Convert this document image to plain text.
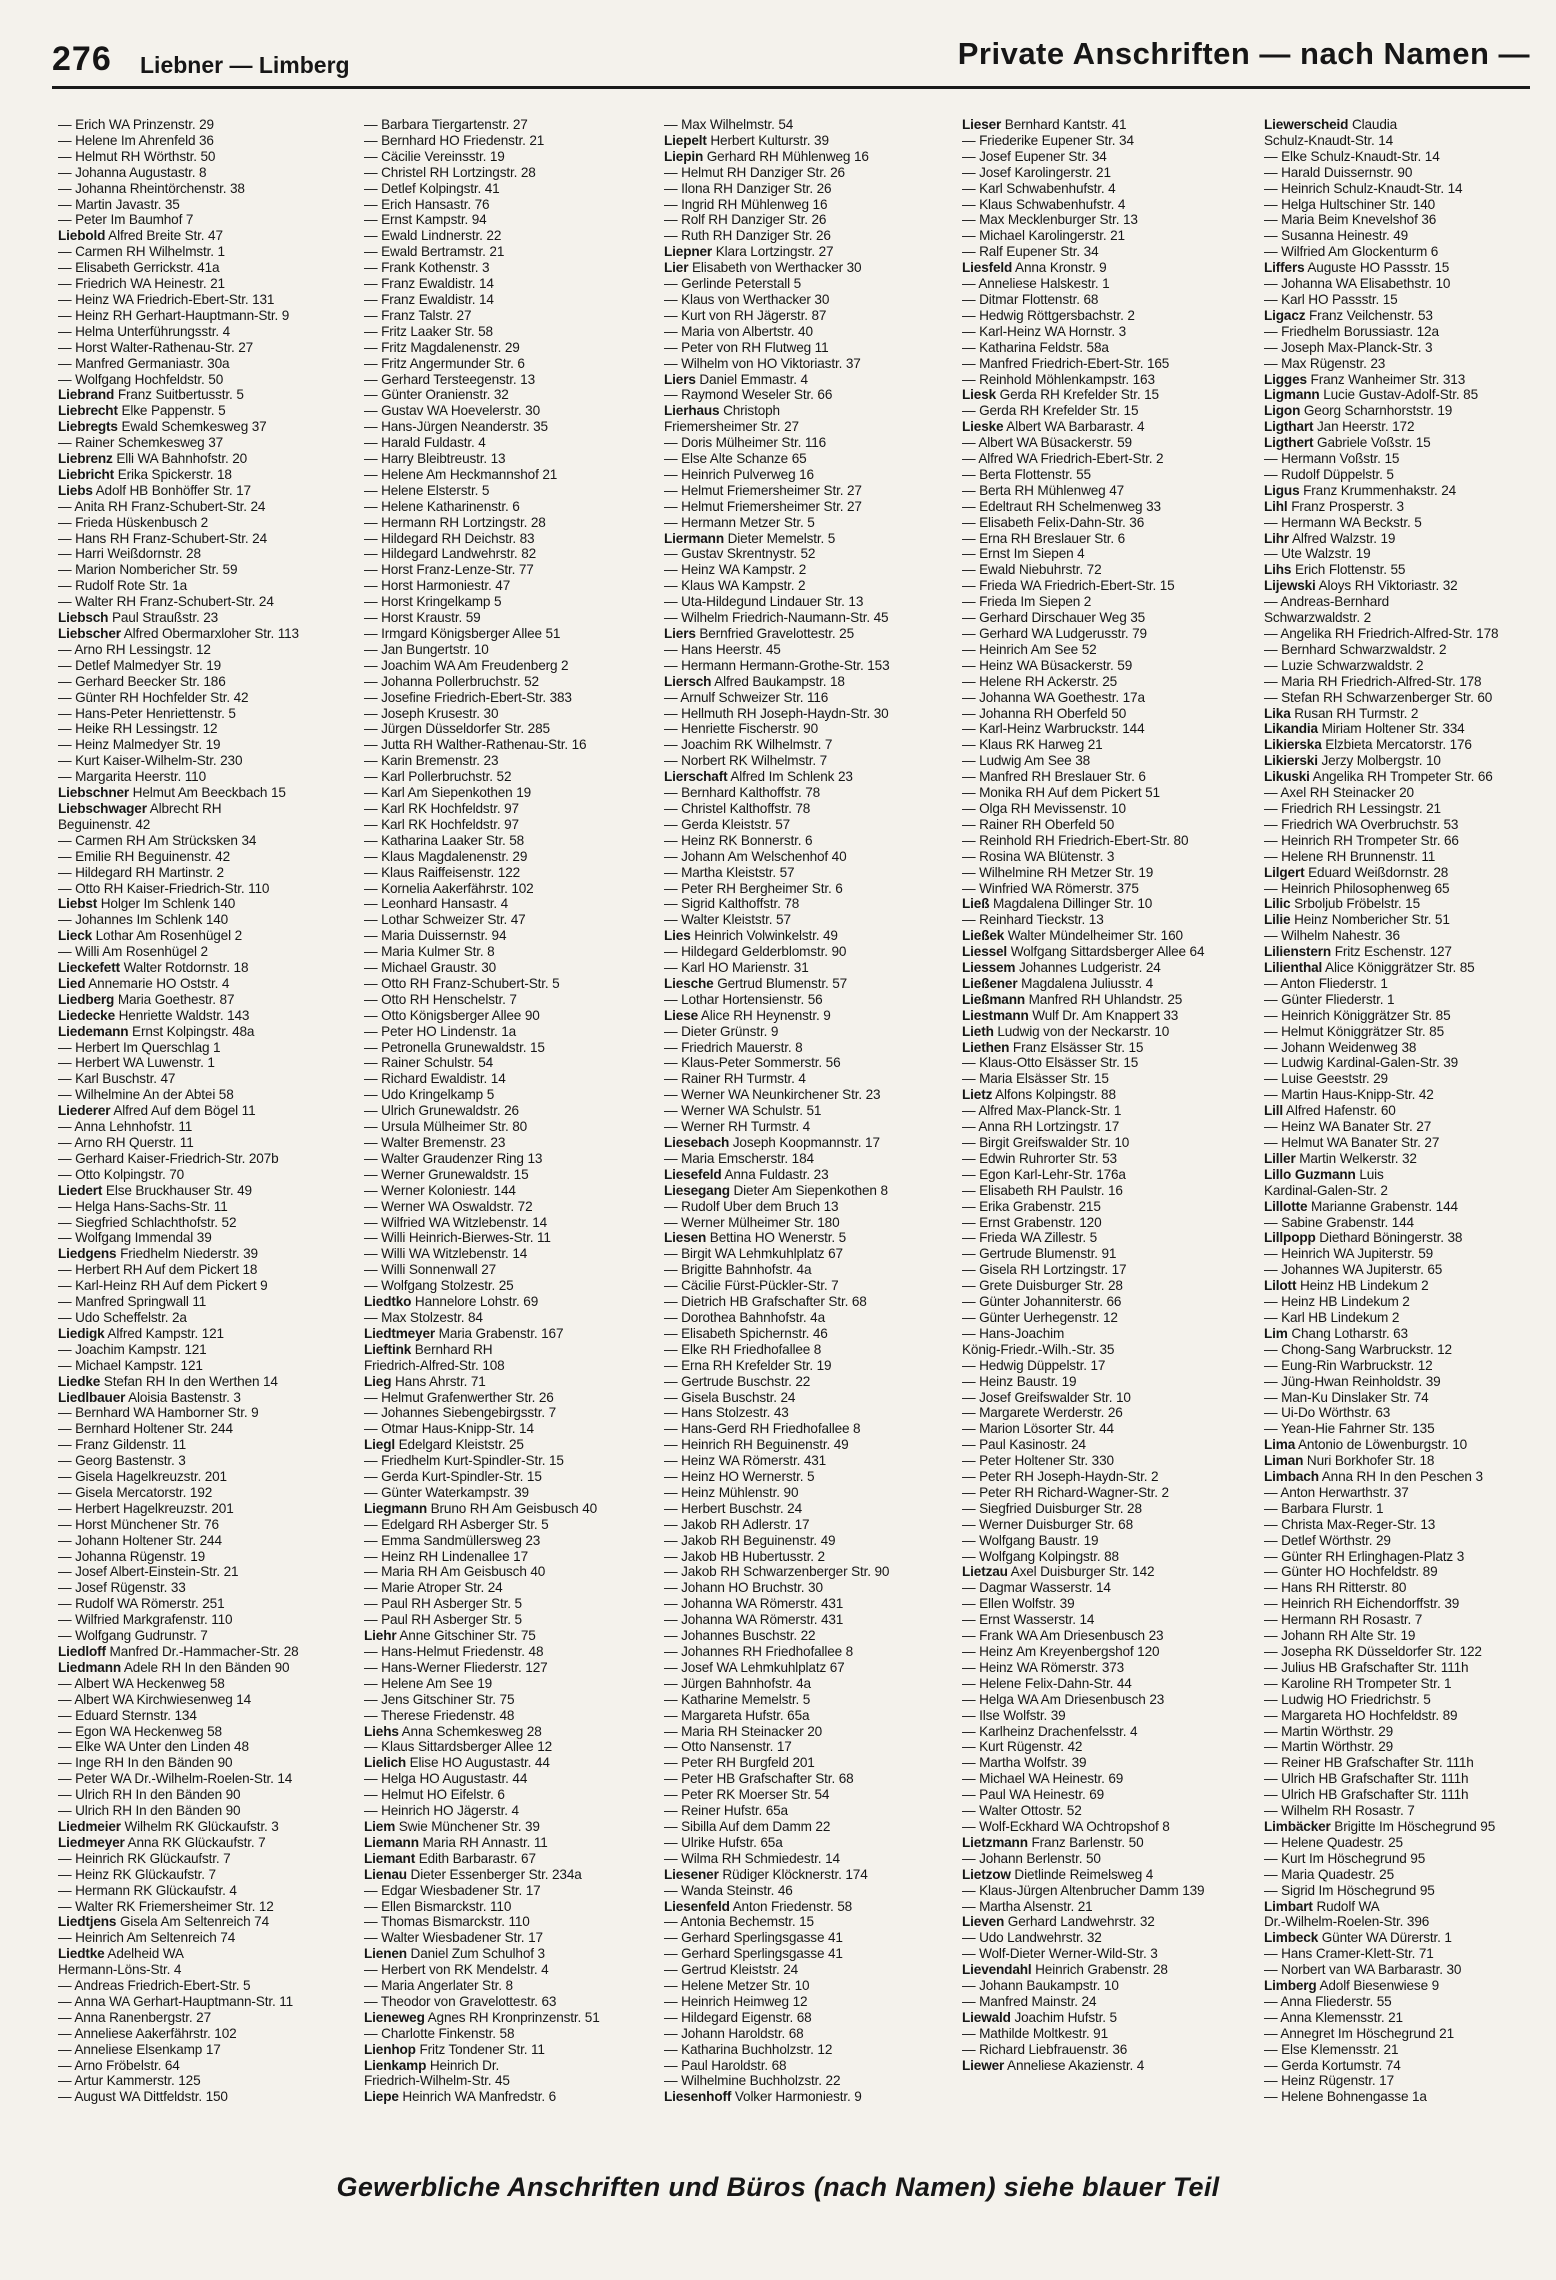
276 Liebner — Limberg	Private Anschriften — nach Namen —
— Erich WA Prinzenstr. 29
— Helene Im Ahrenfeld 36
— Helmut RH Wörthstr. 50
— Johanna Augustastr. 8
— Johanna Rheintörchenstr. 38
— Martin Javastr. 35
— Peter Im Baumhof 7
Liebold Alfred Breite Str. 47
— Carmen RH Wilhelmstr. 1
— Elisabeth Gerrickstr. 41a
— Friedrich WA Heinestr. 21
— Heinz WA Friedrich-Ebert-Str. 131
— Heinz RH Gerhart-Hauptmann-Str. 9
— Helma Unterführungsstr. 4
— Horst Walter-Rathenau-Str. 27
— Manfred Germaniastr. 30a
— Wolfgang Hochfeldstr. 50
Liebrand Franz Suitbertusstr. 5
Liebrecht Elke Pappenstr. 5
Liebregts Ewald Schemkesweg 37
— Rainer Schemkesweg 37
Liebrenz Elli WA Bahnhofstr. 20
Liebricht Erika Spickerstr. 18
Liebs Adolf HB Bonhöffer Str. 17
— Anita RH Franz-Schubert-Str. 24
— Frieda Hüskenbusch 2
— Hans RH Franz-Schubert-Str. 24
— Harri Weißdornstr. 28
— Marion Nombericher Str. 59
— Rudolf Rote Str. 1a
— Walter RH Franz-Schubert-Str. 24
Liebsch Paul Straußstr. 23
Liebscher Alfred Obermarxloher Str. 113
— Arno RH Lessingstr. 12
— Detlef Malmedyer Str. 19
— Gerhard Beecker Str. 186
— Günter RH Hochfelder Str. 42
— Hans-Peter Henriettenstr. 5
— Heike RH Lessingstr. 12
— Heinz Malmedyer Str. 19
— Kurt Kaiser-Wilhelm-Str. 230
— Margarita Heerstr. 110
Liebschner Helmut Am Beeckbach 15
Liebschwager Albrecht RH
Beguinenstr. 42
— Carmen RH Am Strücksken 34
— Emilie RH Beguinenstr. 42
— Hildegard RH Martinstr. 2
— Otto RH Kaiser-Friedrich-Str. 110
Liebst Holger Im Schlenk 140
— Johannes Im Schlenk 140
Lieck Lothar Am Rosenhügel 2
— Willi Am Rosenhügel 2
Lieckefett Walter Rotdornstr. 18
Lied Annemarie HO Oststr. 4
Liedberg Maria Goethestr. 87
Liedecke Henriette Waldstr. 143
Liedemann Ernst Kolpingstr. 48a
— Herbert Im Querschlag 1
— Herbert WA Luwenstr. 1
— Karl Buschstr. 47
— Wilhelmine An der Abtei 58
Liederer Alfred Auf dem Bögel 11
— Anna Lehnhofstr. 11
— Arno RH Querstr. 11
— Gerhard Kaiser-Friedrich-Str. 207b
— Otto Kolpingstr. 70
Liedert Else Bruckhauser Str. 49
— Helga Hans-Sachs-Str. 11
— Siegfried Schlachthofstr. 52
— Wolfgang Immendal 39
Liedgens Friedhelm Niederstr. 39
— Herbert RH Auf dem Pickert 18
— Karl-Heinz RH Auf dem Pickert 9
— Manfred Springwall 11
— Udo Scheffelstr. 2a
Liedigk Alfred Kampstr. 121
— Joachim Kampstr. 121
— Michael Kampstr. 121
Liedke Stefan RH In den Werthen 14
Liedlbauer Aloisia Bastenstr. 3
— Bernhard WA Hamborner Str. 9
— Bernhard Holtener Str. 244
— Franz Gildenstr. 11
— Georg Bastenstr. 3
— Gisela Hagelkreuzstr. 201
— Gisela Mercatorstr. 192
— Herbert Hagelkreuzstr. 201
— Horst Münchener Str. 76
— Johann Holtener Str. 244
— Johanna Rügenstr. 19
— Josef Albert-Einstein-Str. 21
— Josef Rügenstr. 33
— Rudolf WA Römerstr. 251
— Wilfried Markgrafenstr. 110
— Wolfgang Gudrunstr. 7
Liedloff Manfred Dr.-Hammacher-Str. 28
Liedmann Adele RH In den Bänden 90
— Albert WA Heckenweg 58
— Albert WA Kirchwiesenweg 14
— Eduard Sternstr. 134
— Egon WA Heckenweg 58
— Elke WA Unter den Linden 48
— Inge RH In den Bänden 90
— Peter WA Dr.-Wilhelm-Roelen-Str. 14
— Ulrich RH In den Bänden 90
— Ulrich RH In den Bänden 90
Liedmeier Wilhelm RK Glückaufstr. 3
Liedmeyer Anna RK Glückaufstr. 7
— Heinrich RK Glückaufstr. 7
— Heinz RK Glückaufstr. 7
— Hermann RK Glückaufstr. 4
— Walter RK Friemersheimer Str. 12
Liedtjens Gisela Am Seltenreich 74
— Heinrich Am Seltenreich 74
Liedtke Adelheid WA
Hermann-Löns-Str. 4
— Andreas Friedrich-Ebert-Str. 5
— Anna WA Gerhart-Hauptmann-Str. 11
— Anna Ranenbergstr. 27
— Anneliese Aakerfährstr. 102
— Anneliese Elsenkamp 17
— Arno Fröbelstr. 64
— Artur Kammerstr. 125
— August WA Dittfeldstr. 150
— Barbara Tiergartenstr. 27
— Bernhard HO Friedenstr. 21
— Cäcilie Vereinsstr. 19
— Christel RH Lortzingstr. 28
— Detlef Kolpingstr. 41
— Erich Hansastr. 76
— Ernst Kampstr. 94
— Ewald Lindnerstr. 22
— Ewald Bertramstr. 21
— Frank Kothenstr. 3
— Franz Ewaldistr. 14
— Franz Ewaldistr. 14
— Franz Talstr. 27
— Fritz Laaker Str. 58
— Fritz Magdalenenstr. 29
— Fritz Angermunder Str. 6
— Gerhard Tersteegenstr. 13
— Günter Oranienstr. 32
— Gustav WA Hoevelerstr. 30
— Hans-Jürgen Neanderstr. 35
— Harald Fuldastr. 4
— Harry Bleibtreustr. 13
— Helene Am Heckmannshof 21
— Helene Elsterstr. 5
— Helene Katharinenstr. 6
— Hermann RH Lortzingstr. 28
— Hildegard RH Deichstr. 83
— Hildegard Landwehrstr. 82
— Horst Franz-Lenze-Str. 77
— Horst Harmoniestr. 47
— Horst Kringelkamp 5
— Horst Kraustr. 59
— Irmgard Königsberger Allee 51
— Jan Bungertstr. 10
— Joachim WA Am Freudenberg 2
— Johanna Pollerbruchstr. 52
— Josefine Friedrich-Ebert-Str. 383
— Joseph Krusestr. 30
— Jürgen Düsseldorfer Str. 285
— Jutta RH Walther-Rathenau-Str. 16
— Karin Bremenstr. 23
— Karl Pollerbruchstr. 52
— Karl Am Siepenkothen 19
— Karl RK Hochfeldstr. 97
— Karl RK Hochfeldstr. 97
— Katharina Laaker Str. 58
— Klaus Magdalenenstr. 29
— Klaus Raiffeisenstr. 122
— Kornelia Aakerfährstr. 102
— Leonhard Hansastr. 4
— Lothar Schweizer Str. 47
— Maria Duissernstr. 94
— Maria Kulmer Str. 8
— Michael Graustr. 30
— Otto RH Franz-Schubert-Str. 5
— Otto RH Henschelstr. 7
— Otto Königsberger Allee 90
— Peter HO Lindenstr. 1a
— Petronella Grunewaldstr. 15
— Rainer Schulstr. 54
— Richard Ewaldistr. 14
— Udo Kringelkamp 5
— Ulrich Grunewaldstr. 26
— Ursula Mülheimer Str. 80
— Walter Bremenstr. 23
— Walter Graudenzer Ring 13
— Werner Grunewaldstr. 15
— Werner Koloniestr. 144
— Werner WA Oswaldstr. 72
— Wilfried WA Witzlebenstr. 14
— Willi Heinrich-Bierwes-Str. 11
— Willi WA Witzlebenstr. 14
— Willi Sonnenwall 27
— Wolfgang Stolzestr. 25
Liedtko Hannelore Lohstr. 69
— Max Stolzestr. 84
Liedtmeyer Maria Grabenstr. 167
Lieftink Bernhard RH
Friedrich-Alfred-Str. 108
Lieg Hans Ahrstr. 71
— Helmut Grafenwerther Str. 26
— Johannes Siebengebirgsstr. 7
— Otmar Haus-Knipp-Str. 14
Liegl Edelgard Kleiststr. 25
— Friedhelm Kurt-Spindler-Str. 15
— Gerda Kurt-Spindler-Str. 15
— Günter Waterkampstr. 39
Liegmann Bruno RH Am Geisbusch 40
— Edelgard RH Asberger Str. 5
— Emma Sandmüllersweg 23
— Heinz RH Lindenallee 17
— Maria RH Am Geisbusch 40
— Marie Atroper Str. 24
— Paul RH Asberger Str. 5
— Paul RH Asberger Str. 5
Liehr Anne Gitschiner Str. 75
— Hans-Helmut Friedenstr. 48
— Hans-Werner Fliederstr. 127
— Helene Am See 19
— Jens Gitschiner Str. 75
— Therese Friedenstr. 48
Liehs Anna Schemkesweg 28
— Klaus Sittardsberger Allee 12
Lielich Elise HO Augustastr. 44
— Helga HO Augustastr. 44
— Helmut HO Eifelstr. 6
— Heinrich HO Jägerstr. 4
Liem Swie Münchener Str. 39
Liemann Maria RH Annastr. 11
Liemant Edith Barbarastr. 67
Lienau Dieter Essenberger Str. 234a
— Edgar Wiesbadener Str. 17
— Ellen Bismarckstr. 110
— Thomas Bismarckstr. 110
— Walter Wiesbadener Str. 17
Lienen Daniel Zum Schulhof 3
— Herbert von RK Mendelstr. 4
— Maria Angerlater Str. 8
— Theodor von Gravelottestr. 63
Lieneweg Agnes RH Kronprinzenstr. 51
— Charlotte Finkenstr. 58
Lienhop Fritz Tondener Str. 11
Lienkamp Heinrich Dr.
Friedrich-Wilhelm-Str. 45
Liepe Heinrich WA Manfredstr. 6
— Max Wilhelmstr. 54
Liepelt Herbert Kulturstr. 39
Liepin Gerhard RH Mühlenweg 16
— Helmut RH Danziger Str. 26
— Ilona RH Danziger Str. 26
— Ingrid RH Mühlenweg 16
— Rolf RH Danziger Str. 26
— Ruth RH Danziger Str. 26
Liepner Klara Lortzingstr. 27
Lier Elisabeth von Werthacker 30
— Gerlinde Peterstall 5
— Klaus von Werthacker 30
— Kurt von RH Jägerstr. 87
— Maria von Albertstr. 40
— Peter von RH Flutweg 11
— Wilhelm von HO Viktoriastr. 37
Liers Daniel Emmastr. 4
— Raymond Weseler Str. 66
Lierhaus Christoph
Friemersheimer Str. 27
— Doris Mülheimer Str. 116
— Else Alte Schanze 65
— Heinrich Pulverweg 16
— Helmut Friemersheimer Str. 27
— Helmut Friemersheimer Str. 27
— Hermann Metzer Str. 5
Liermann Dieter Memelstr. 5
— Gustav Skrentnystr. 52
— Heinz WA Kampstr. 2
— Klaus WA Kampstr. 2
— Uta-Hildegund Lindauer Str. 13
— Wilhelm Friedrich-Naumann-Str. 45
Liers Bernfried Gravelottestr. 25
— Hans Heerstr. 45
— Hermann Hermann-Grothe-Str. 153
Liersch Alfred Baukampstr. 18
— Arnulf Schweizer Str. 116
— Hellmuth RH Joseph-Haydn-Str. 30
— Henriette Fischerstr. 90
— Joachim RK Wilhelmstr. 7
— Norbert RK Wilhelmstr. 7
Lierschaft Alfred Im Schlenk 23
— Bernhard Kalthoffstr. 78
— Christel Kalthoffstr. 78
— Gerda Kleiststr. 57
— Heinz RK Bonnerstr. 6
— Johann Am Welschenhof 40
— Martha Kleiststr. 57
— Peter RH Bergheimer Str. 6
— Sigrid Kalthoffstr. 78
— Walter Kleiststr. 57
Lies Heinrich Volwinkelstr. 49
— Hildegard Gelderblomstr. 90
— Karl HO Marienstr. 31
Liesche Gertrud Blumenstr. 57
— Lothar Hortensienstr. 56
Liese Alice RH Heynenstr. 9
— Dieter Grünstr. 9
— Friedrich Mauerstr. 8
— Klaus-Peter Sommerstr. 56
— Rainer RH Turmstr. 4
— Werner WA Neunkirchener Str. 23
— Werner WA Schulstr. 51
— Werner RH Turmstr. 4
Liesebach Joseph Koopmannstr. 17
— Maria Emscherstr. 184
Liesefeld Anna Fuldastr. 23
Liesegang Dieter Am Siepenkothen 8
— Rudolf Uber dem Bruch 13
— Werner Mülheimer Str. 180
Liesen Bettina HO Wenerstr. 5
— Birgit WA Lehmkuhlplatz 67
— Brigitte Bahnhofstr. 4a
— Cäcilie Fürst-Pückler-Str. 7
— Dietrich HB Grafschafter Str. 68
— Dorothea Bahnhofstr. 4a
— Elisabeth Spichernstr. 46
— Elke RH Friedhofallee 8
— Erna RH Krefelder Str. 19
— Gertrude Buschstr. 22
— Gisela Buschstr. 24
— Hans Stolzestr. 43
— Hans-Gerd RH Friedhofallee 8
— Heinrich RH Beguinenstr. 49
— Heinz WA Römerstr. 431
— Heinz HO Wernerstr. 5
— Heinz Mühlenstr. 90
— Herbert Buschstr. 24
— Jakob RH Adlerstr. 17
— Jakob RH Beguinenstr. 49
— Jakob HB Hubertusstr. 2
— Jakob RH Schwarzenberger Str. 90
— Johann HO Bruchstr. 30
— Johanna WA Römerstr. 431
— Johanna WA Römerstr. 431
— Johannes Buschstr. 22
— Johannes RH Friedhofallee 8
— Josef WA Lehmkuhlplatz 67
— Jürgen Bahnhofstr. 4a
— Katharine Memelstr. 5
— Margareta Hufstr. 65a
— Maria RH Steinacker 20
— Otto Nansenstr. 17
— Peter RH Burgfeld 201
— Peter HB Grafschafter Str. 68
— Peter RK Moerser Str. 54
— Reiner Hufstr. 65a
— Sibilla Auf dem Damm 22
— Ulrike Hufstr. 65a
— Wilma RH Schmiedestr. 14
Liesener Rüdiger Klöcknerstr. 174
— Wanda Steinstr. 46
Liesenfeld Anton Friedenstr. 58
— Antonia Bechemstr. 15
— Gerhard Sperlingsgasse 41
— Gerhard Sperlingsgasse 41
— Gertrud Kleiststr. 24
— Helene Metzer Str. 10
— Heinrich Heimweg 12
— Hildegard Eigenstr. 68
— Johann Haroldstr. 68
— Katharina Buchholzstr. 12
— Paul Haroldstr. 68
— Wilhelmine Buchholzstr. 22
Liesenhoff Volker Harmoniestr. 9
Lieser Bernhard Kantstr. 41
— Friederike Eupener Str. 34
— Josef Eupener Str. 34
— Josef Karolingerstr. 21
— Karl Schwabenhufstr. 4
— Klaus Schwabenhufstr. 4
— Max Mecklenburger Str. 13
— Michael Karolingerstr. 21
— Ralf Eupener Str. 34
Liesfeld Anna Kronstr. 9
— Anneliese Halskestr. 1
— Ditmar Flottenstr. 68
— Hedwig Röttgersbachstr. 2
— Karl-Heinz WA Hornstr. 3
— Katharina Feldstr. 58a
— Manfred Friedrich-Ebert-Str. 165
— Reinhold Möhlenkampstr. 163
Liesk Gerda RH Krefelder Str. 15
— Gerda RH Krefelder Str. 15
Lieske Albert WA Barbarastr. 4
— Albert WA Büsackerstr. 59
— Alfred WA Friedrich-Ebert-Str. 2
— Berta Flottenstr. 55
— Berta RH Mühlenweg 47
— Edeltraut RH Schelmenweg 33
— Elisabeth Felix-Dahn-Str. 36
— Erna RH Breslauer Str. 6
— Ernst Im Siepen 4
— Ewald Niebuhrstr. 72
— Frieda WA Friedrich-Ebert-Str. 15
— Frieda Im Siepen 2
— Gerhard Dirschauer Weg 35
— Gerhard WA Ludgerusstr. 79
— Heinrich Am See 52
— Heinz WA Büsackerstr. 59
— Helene RH Ackerstr. 25
— Johanna WA Goethestr. 17a
— Johanna RH Oberfeld 50
— Karl-Heinz Warbruckstr. 144
— Klaus RK Harweg 21
— Ludwig Am See 38
— Manfred RH Breslauer Str. 6
— Monika RH Auf dem Pickert 51
— Olga RH Mevissenstr. 10
— Rainer RH Oberfeld 50
— Reinhold RH Friedrich-Ebert-Str. 80
— Rosina WA Blütenstr. 3
— Wilhelmine RH Metzer Str. 19
— Winfried WA Römerstr. 375
Ließ Magdalena Dillinger Str. 10
— Reinhard Tieckstr. 13
Ließek Walter Mündelheimer Str. 160
Liessel Wolfgang Sittardsberger Allee 64
Liessem Johannes Ludgeristr. 24
Ließener Magdalena Juliusstr. 4
Ließmann Manfred RH Uhlandstr. 25
Liestmann Wulf Dr. Am Knappert 33
Lieth Ludwig von der Neckarstr. 10
Liethen Franz Elsässer Str. 15
— Klaus-Otto Elsässer Str. 15
— Maria Elsässer Str. 15
Lietz Alfons Kolpingstr. 88
— Alfred Max-Planck-Str. 1
— Anna RH Lortzingstr. 17
— Birgit Greifswalder Str. 10
— Edwin Ruhrorter Str. 53
— Egon Karl-Lehr-Str. 176a
— Elisabeth RH Paulstr. 16
— Erika Grabenstr. 215
— Ernst Grabenstr. 120
— Frieda WA Zillestr. 5
— Gertrude Blumenstr. 91
— Gisela RH Lortzingstr. 17
— Grete Duisburger Str. 28
— Günter Johanniterstr. 66
— Günter Uerhegenstr. 12
— Hans-Joachim
König-Friedr.-Wilh.-Str. 35
— Hedwig Düppelstr. 17
— Heinz Baustr. 19
— Josef Greifswalder Str. 10
— Margarete Werderstr. 26
— Marion Lösorter Str. 44
— Paul Kasinostr. 24
— Peter Holtener Str. 330
— Peter RH Joseph-Haydn-Str. 2
— Peter RH Richard-Wagner-Str. 2
— Siegfried Duisburger Str. 28
— Werner Duisburger Str. 68
— Wolfgang Baustr. 19
— Wolfgang Kolpingstr. 88
Lietzau Axel Duisburger Str. 142
— Dagmar Wasserstr. 14
— Ellen Wolfstr. 39
— Ernst Wasserstr. 14
— Frank WA Am Driesenbusch 23
— Heinz Am Kreyenbergshof 120
— Heinz WA Römerstr. 373
— Helene Felix-Dahn-Str. 44
— Helga WA Am Driesenbusch 23
— Ilse Wolfstr. 39
— Karlheinz Drachenfelsstr. 4
— Kurt Rügenstr. 42
— Martha Wolfstr. 39
— Michael WA Heinestr. 69
— Paul WA Heinestr. 69
— Walter Ottostr. 52
— Wolf-Eckhard WA Ochtropshof 8
Lietzmann Franz Barlenstr. 50
— Johann Berlenstr. 50
Lietzow Dietlinde Reimelsweg 4
— Klaus-Jürgen Altenbrucher Damm 139
— Martha Alsenstr. 21
Lieven Gerhard Landwehrstr. 32
— Udo Landwehrstr. 32
— Wolf-Dieter Werner-Wild-Str. 3
Lievendahl Heinrich Grabenstr. 28
— Johann Baukampstr. 10
— Manfred Mainstr. 24
Liewald Joachim Hufstr. 5
— Mathilde Moltkestr. 91
— Richard Liebfrauenstr. 36
Liewer Anneliese Akazienstr. 4
Liewerscheid Claudia
Schulz-Knaudt-Str. 14
— Elke Schulz-Knaudt-Str. 14
— Harald Duissernstr. 90
— Heinrich Schulz-Knaudt-Str. 14
— Helga Hultschiner Str. 140
— Maria Beim Knevelshof 36
— Susanna Heinestr. 49
— Wilfried Am Glockenturm 6
Liffers Auguste HO Passstr. 15
— Johanna WA Elisabethstr. 10
— Karl HO Passstr. 15
Ligacz Franz Veilchenstr. 53
— Friedhelm Borussiastr. 12a
— Joseph Max-Planck-Str. 3
— Max Rügenstr. 23
Ligges Franz Wanheimer Str. 313
Ligmann Lucie Gustav-Adolf-Str. 85
Ligon Georg Scharnhorststr. 19
Ligthart Jan Heerstr. 172
Ligthert Gabriele Voßstr. 15
— Hermann Voßstr. 15
— Rudolf Düppelstr. 5
Ligus Franz Krummenhakstr. 24
Lihl Franz Prosperstr. 3
— Hermann WA Beckstr. 5
Lihr Alfred Walzstr. 19
— Ute Walzstr. 19
Lihs Erich Flottenstr. 55
Lijewski Aloys RH Viktoriastr. 32
— Andreas-Bernhard
Schwarzwaldstr. 2
— Angelika RH Friedrich-Alfred-Str. 178
— Bernhard Schwarzwaldstr. 2
— Luzie Schwarzwaldstr. 2
— Maria RH Friedrich-Alfred-Str. 178
— Stefan RH Schwarzenberger Str. 60
Lika Rusan RH Turmstr. 2
Likandia Miriam Holtener Str. 334
Likierska Elzbieta Mercatorstr. 176
Likierski Jerzy Molbergstr. 10
Likuski Angelika RH Trompeter Str. 66
— Axel RH Steinacker 20
— Friedrich RH Lessingstr. 21
— Friedrich WA Overbruchstr. 53
— Heinrich RH Trompeter Str. 66
— Helene RH Brunnenstr. 11
Lilgert Eduard Weißdornstr. 28
— Heinrich Philosophenweg 65
Lilic Srboljub Fröbelstr. 15
Lilie Heinz Nombericher Str. 51
— Wilhelm Nahestr. 36
Lilienstern Fritz Eschenstr. 127
Lilienthal Alice Königgrätzer Str. 85
— Anton Fliederstr. 1
— Günter Fliederstr. 1
— Heinrich Königgrätzer Str. 85
— Helmut Königgrätzer Str. 85
— Johann Weidenweg 38
— Ludwig Kardinal-Galen-Str. 39
— Luise Geeststr. 29
— Martin Haus-Knipp-Str. 42
Lill Alfred Hafenstr. 60
— Heinz WA Banater Str. 27
— Helmut WA Banater Str. 27
Liller Martin Welkerstr. 32
Lillo Guzmann Luis
Kardinal-Galen-Str. 2
Lillotte Marianne Grabenstr. 144
— Sabine Grabenstr. 144
Lillpopp Diethard Böningerstr. 38
— Heinrich WA Jupiterstr. 59
— Johannes WA Jupiterstr. 65
Lilott Heinz HB Lindekum 2
— Heinz HB Lindekum 2
— Karl HB Lindekum 2
Lim Chang Lotharstr. 63
— Chong-Sang Warbruckstr. 12
— Eung-Rin Warbruckstr. 12
— Jüng-Hwan Reinholdstr. 39
— Man-Ku Dinslaker Str. 74
— Ui-Do Wörthstr. 63
— Yean-Hie Fahrner Str. 135
Lima Antonio de Löwenburgstr. 10
Liman Nuri Borkhofer Str. 18
Limbach Anna RH In den Peschen 3
— Anton Herwarthstr. 37
— Barbara Flurstr. 1
— Christa Max-Reger-Str. 13
— Detlef Wörthstr. 29
— Günter RH Erlinghagen-Platz 3
— Günter HO Hochfeldstr. 89
— Hans RH Ritterstr. 80
— Heinrich RH Eichendorffstr. 39
— Hermann RH Rosastr. 7
— Johann RH Alte Str. 19
— Josepha RK Düsseldorfer Str. 122
— Julius HB Grafschafter Str. 111h
— Karoline RH Trompeter Str. 1
— Ludwig HO Friedrichstr. 5
— Margareta HO Hochfeldstr. 89
— Martin Wörthstr. 29
— Martin Wörthstr. 29
— Reiner HB Grafschafter Str. 111h
— Ulrich HB Grafschafter Str. 111h
— Ulrich HB Grafschafter Str. 111h
— Wilhelm RH Rosastr. 7
Limbäcker Brigitte Im Höschegrund 95
— Helene Quadestr. 25
— Kurt Im Höschegrund 95
— Maria Quadestr. 25
— Sigrid Im Höschegrund 95
Limbart Rudolf WA
Dr.-Wilhelm-Roelen-Str. 396
Limbeck Günter WA Dürerstr. 1
— Hans Cramer-Klett-Str. 71
— Norbert van WA Barbarastr. 30
Limberg Adolf Biesenwiese 9
— Anna Fliederstr. 55
— Anna Klemensstr. 21
— Annegret Im Höschegrund 21
— Else Klemensstr. 21
— Gerda Kortumstr. 74
— Heinz Rügenstr. 17
— Helene Bohnengasse 1a
Gewerbliche Anschriften und Büros (nach Namen) siehe blauer Teil
